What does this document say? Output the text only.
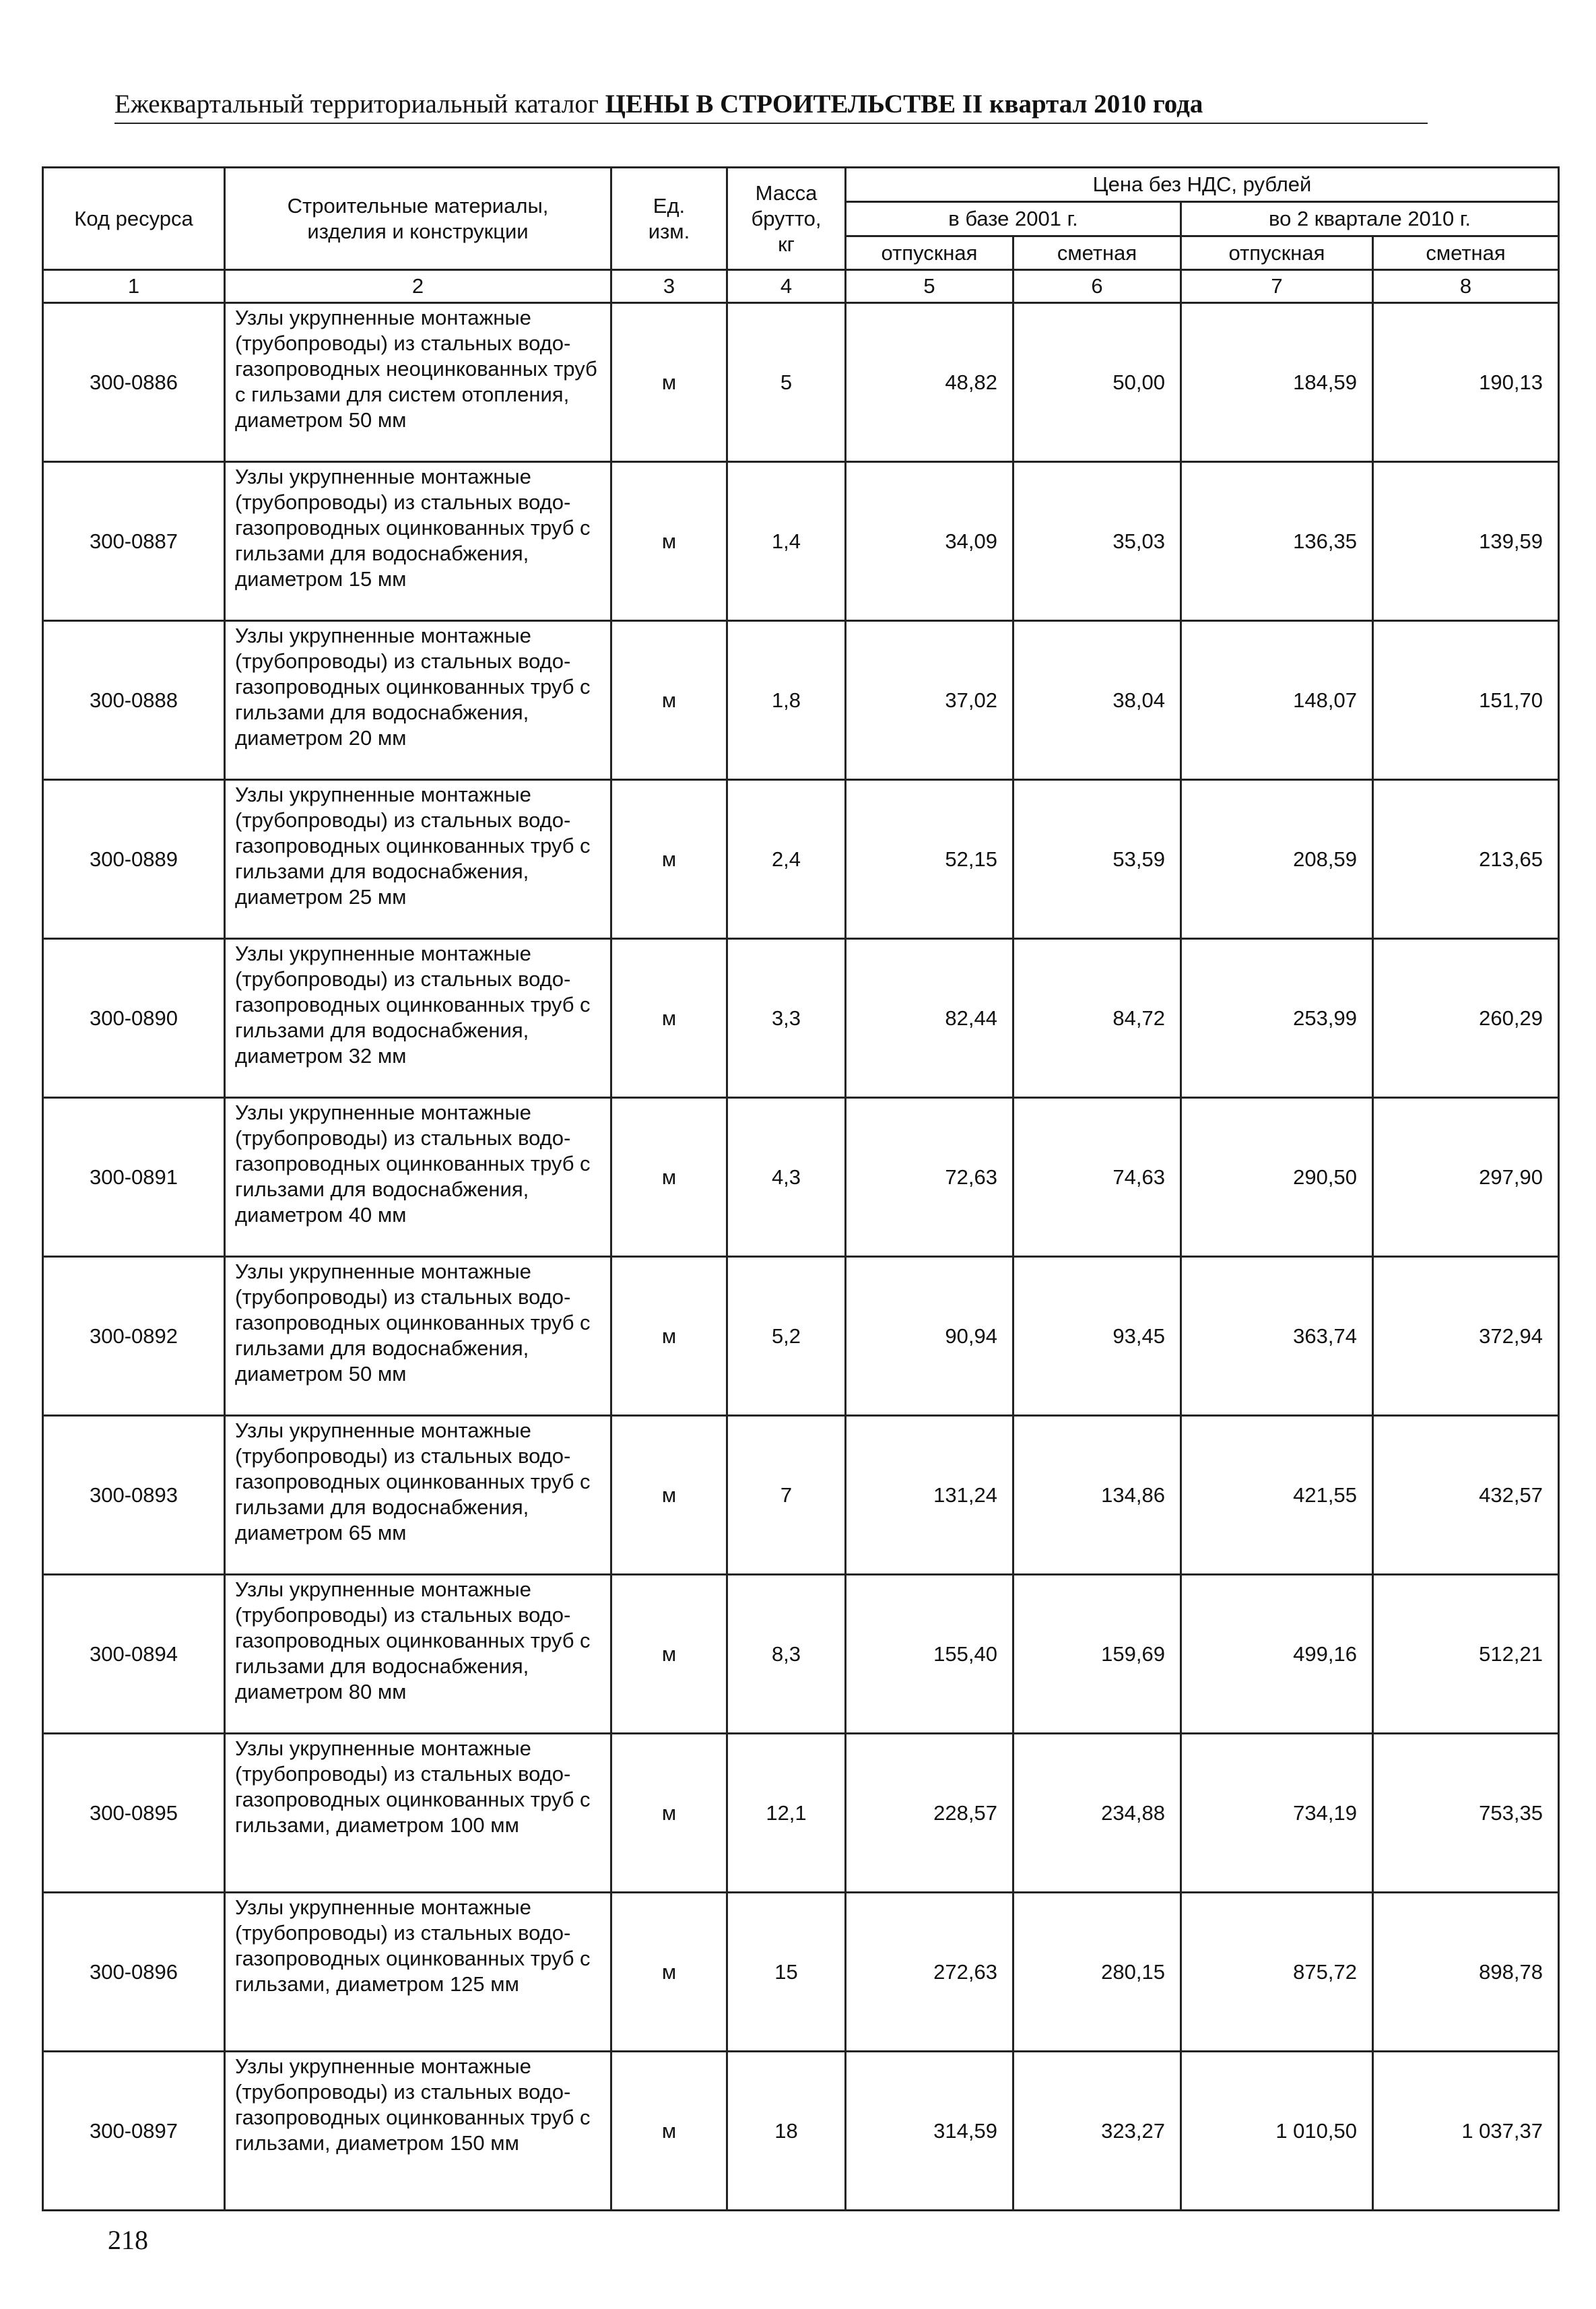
Ежеквартальный территориальный каталог ЦЕНЫ В СТРОИТЕЛЬСТВЕ II квартал 2010 года
Код ресурса	Строительные материалы, изделия и конструкции	Ед. изм.	Масса брутто, кг	Цена без НДС, рублей			
				в базе 2001 г.		во 2 квартале 2010 г.	
				отпускная	сметная	отпускная	сметная
1	2	3	4	5	6	7	8
300-0886	Узлы укрупненные монтажные (трубопроводы) из стальных водо-газопроводных неоцинкованных труб с гильзами для систем отопления, диаметром 50 мм	м	5	48,82	50,00	184,59	190,13
300-0887	Узлы укрупненные монтажные (трубопроводы) из стальных водо-газопроводных оцинкованных труб с гильзами для водоснабжения, диаметром 15 мм	м	1,4	34,09	35,03	136,35	139,59
300-0888	Узлы укрупненные монтажные (трубопроводы) из стальных водо-газопроводных оцинкованных труб с гильзами для водоснабжения, диаметром 20 мм	м	1,8	37,02	38,04	148,07	151,70
300-0889	Узлы укрупненные монтажные (трубопроводы) из стальных водо-газопроводных оцинкованных труб с гильзами для водоснабжения, диаметром 25 мм	м	2,4	52,15	53,59	208,59	213,65
300-0890	Узлы укрупненные монтажные (трубопроводы) из стальных водо-газопроводных оцинкованных труб с гильзами для водоснабжения, диаметром 32 мм	м	3,3	82,44	84,72	253,99	260,29
300-0891	Узлы укрупненные монтажные (трубопроводы) из стальных водо-газопроводных оцинкованных труб с гильзами для водоснабжения, диаметром 40 мм	м	4,3	72,63	74,63	290,50	297,90
300-0892	Узлы укрупненные монтажные (трубопроводы) из стальных водо-газопроводных оцинкованных труб с гильзами для водоснабжения, диаметром 50 мм	м	5,2	90,94	93,45	363,74	372,94
300-0893	Узлы укрупненные монтажные (трубопроводы) из стальных водо-газопроводных оцинкованных труб с гильзами для водоснабжения, диаметром 65 мм	м	7	131,24	134,86	421,55	432,57
300-0894	Узлы укрупненные монтажные (трубопроводы) из стальных водо-газопроводных оцинкованных труб с гильзами для водоснабжения, диаметром 80 мм	м	8,3	155,40	159,69	499,16	512,21
300-0895	Узлы укрупненные монтажные (трубопроводы) из стальных водо-газопроводных оцинкованных труб с гильзами, диаметром 100 мм	м	12,1	228,57	234,88	734,19	753,35
300-0896	Узлы укрупненные монтажные (трубопроводы) из стальных водо-газопроводных оцинкованных труб с гильзами, диаметром 125 мм	м	15	272,63	280,15	875,72	898,78
300-0897	Узлы укрупненные монтажные (трубопроводы) из стальных водо-газопроводных оцинкованных труб с гильзами, диаметром 150 мм	м	18	314,59	323,27	1 010,50	1 037,37
218
